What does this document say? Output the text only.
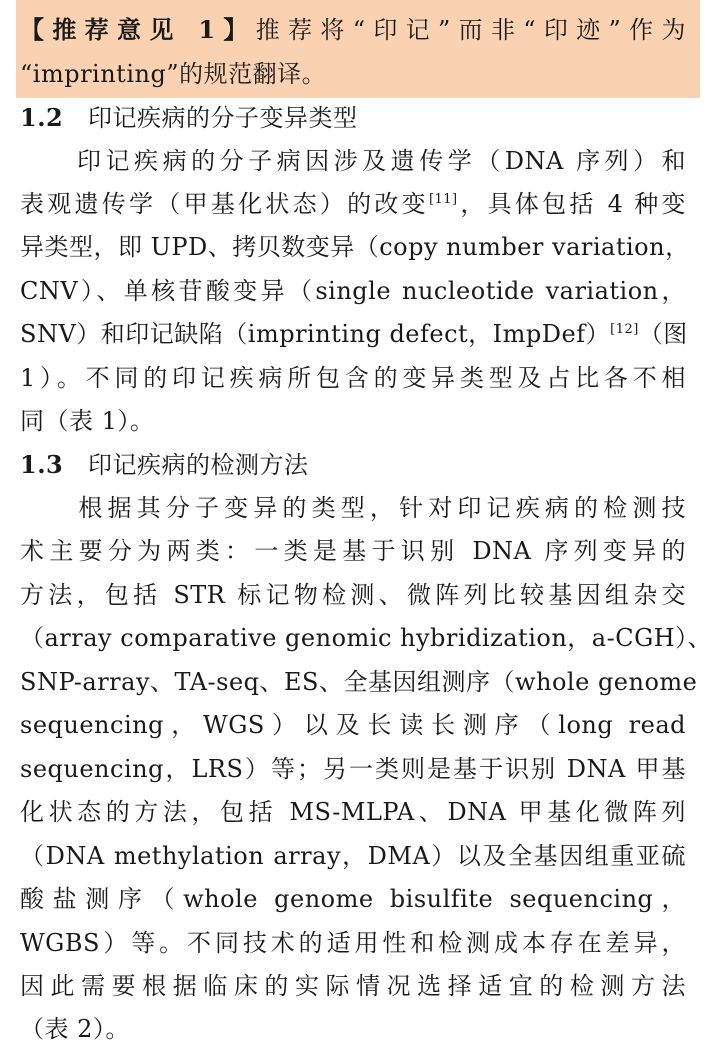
【推荐意见 1】推荐将“印记”而非“印迹”作为
“imprinting”的规范翻译。
1.2 印记疾病的分子变异类型
　　印记疾病的分子病因涉及遗传学（DNA 序列）和
表观遗传学（甲基化状态）的改变[11]，具体包括 4 种变
异类型，即 UPD、拷贝数变异（copy number variation，
CNV）、单核苷酸变异（single nucleotide variation，
SNV）和印记缺陷（imprinting defect，ImpDef）[12]（图
1）。不同的印记疾病所包含的变异类型及占比各不相
同（表 1）。
1.3 印记疾病的检测方法
　　根据其分子变异的类型，针对印记疾病的检测技
术主要分为两类：一类是基于识别 DNA 序列变异的
方法，包括 STR 标记物检测、微阵列比较基因组杂交
（array comparative genomic hybridization，a-CGH）、
SNP-array、TA-seq、ES、全基因组测序（whole genome
sequencing，WGS）以及长读长测序（long read
sequencing，LRS）等；另一类则是基于识别 DNA 甲基
化状态的方法，包括 MS-MLPA、DNA 甲基化微阵列
（DNA methylation array，DMA）以及全基因组重亚硫
酸盐测序（whole genome bisulfite sequencing，
WGBS）等。不同技术的适用性和检测成本存在差异，
因此需要根据临床的实际情况选择适宜的检测方法
（表 2）。
